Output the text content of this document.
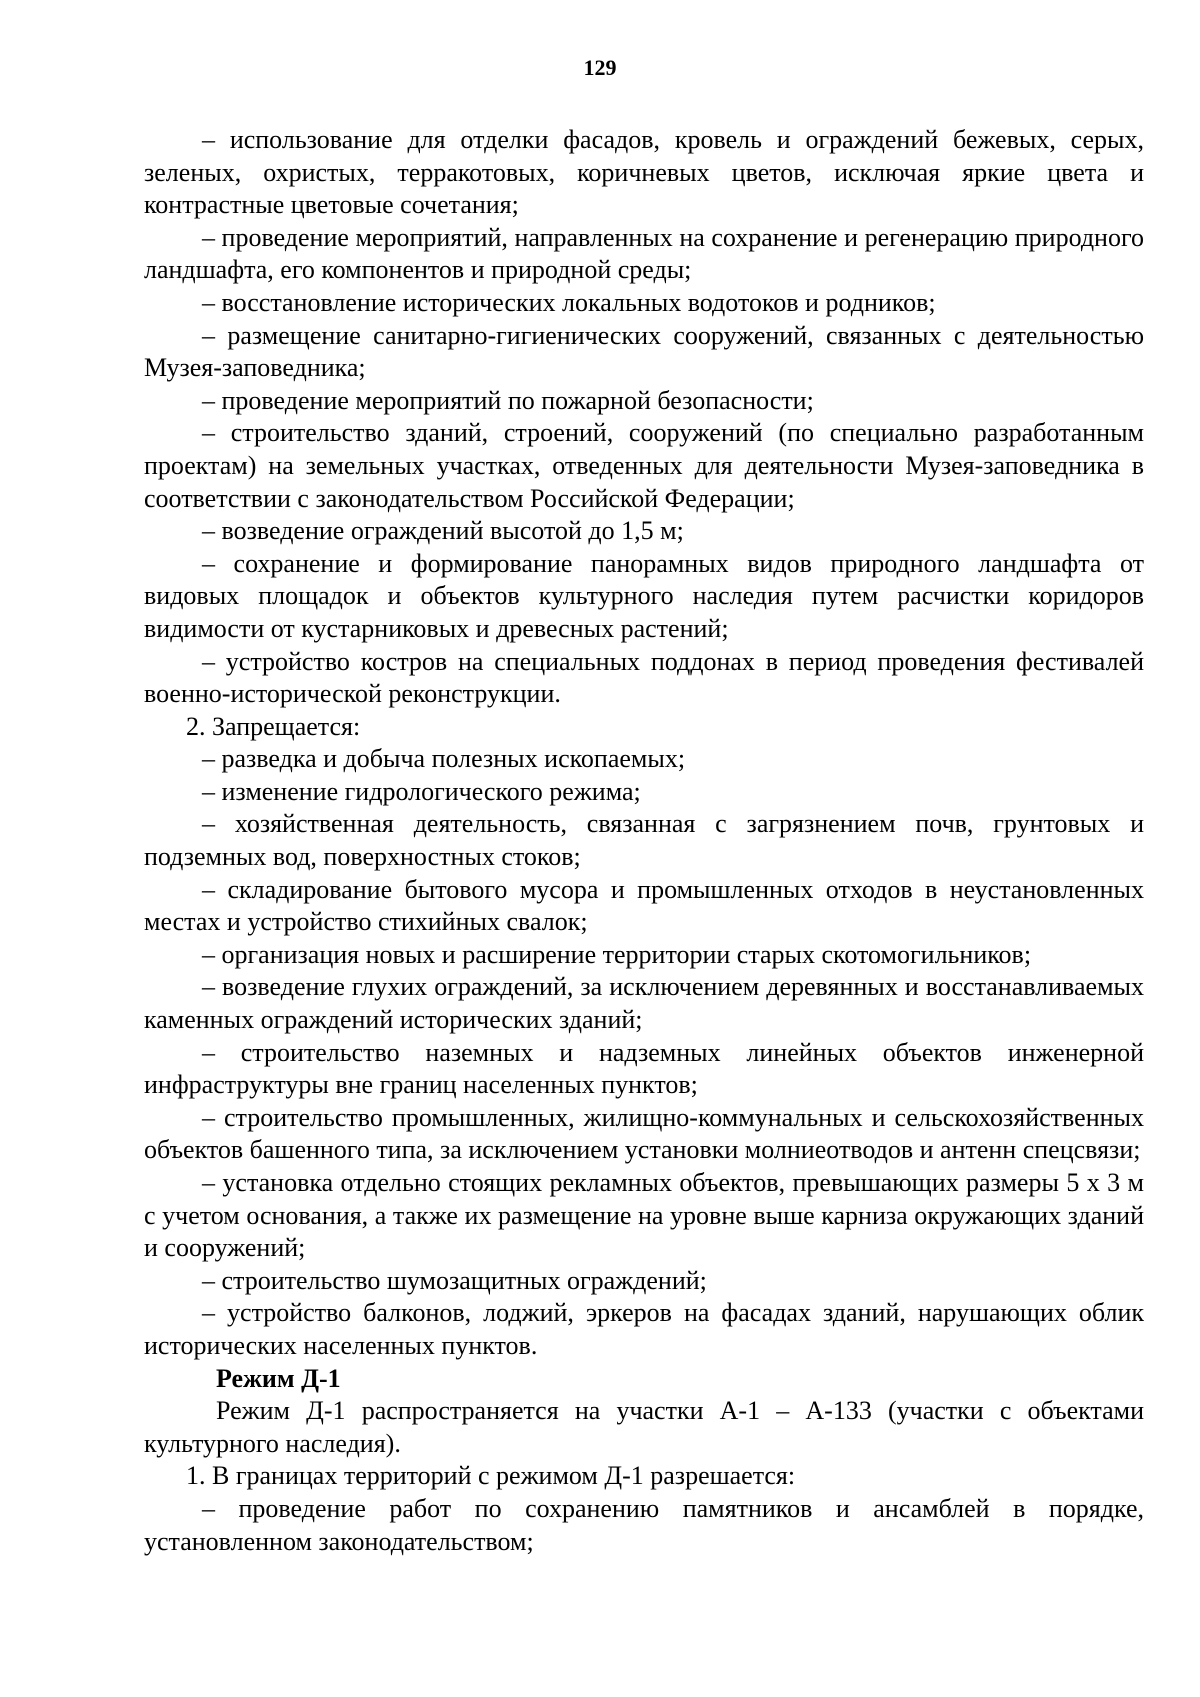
129

– использование для отделки фасадов, кровель и ограждений бежевых, серых, зеленых, охристых, терракотовых, коричневых цветов, исключая яркие цвета и контрастные цветовые сочетания;

– проведение мероприятий, направленных на сохранение и регенерацию природного ландшафта, его компонентов и природной среды;

– восстановление исторических локальных водотоков и родников;

– размещение санитарно-гигиенических сооружений, связанных с деятельностью Музея-заповедника;

– проведение мероприятий по пожарной безопасности;

– строительство зданий, строений, сооружений (по специально разработанным проектам) на земельных участках, отведенных для деятельности Музея-заповедника в соответствии с законодательством Российской Федерации;

– возведение ограждений высотой до 1,5 м;

– сохранение и формирование панорамных видов природного ландшафта от видовых площадок и объектов культурного наследия путем расчистки коридоров видимости от кустарниковых и древесных растений;

– устройство костров на специальных поддонах в период проведения фестивалей военно-исторической реконструкции.

2. Запрещается:

– разведка и добыча полезных ископаемых;

– изменение гидрологического режима;

– хозяйственная деятельность, связанная с загрязнением почв, грунтовых и подземных вод, поверхностных стоков;

– складирование бытового мусора и промышленных отходов в неустановленных местах и устройство стихийных свалок;

– организация новых и расширение территории старых скотомогильников;

– возведение глухих ограждений, за исключением деревянных и восстанавливаемых каменных ограждений исторических зданий;

– строительство наземных и надземных линейных объектов инженерной инфраструктуры вне границ населенных пунктов;

– строительство промышленных, жилищно-коммунальных и сельскохозяйственных объектов башенного типа, за исключением установки молниеотводов и антенн спецсвязи;

– установка отдельно стоящих рекламных объектов, превышающих размеры 5 х 3 м с учетом основания, а также их размещение на уровне выше карниза окружающих зданий и сооружений;

– строительство шумозащитных ограждений;

– устройство балконов, лоджий, эркеров на фасадах зданий, нарушающих облик исторических населенных пунктов.

Режим Д-1

Режим Д-1 распространяется на участки А-1 – А-133 (участки с объектами культурного наследия).

1. В границах территорий с режимом Д-1 разрешается:

– проведение работ по сохранению памятников и ансамблей в порядке, установленном законодательством;
